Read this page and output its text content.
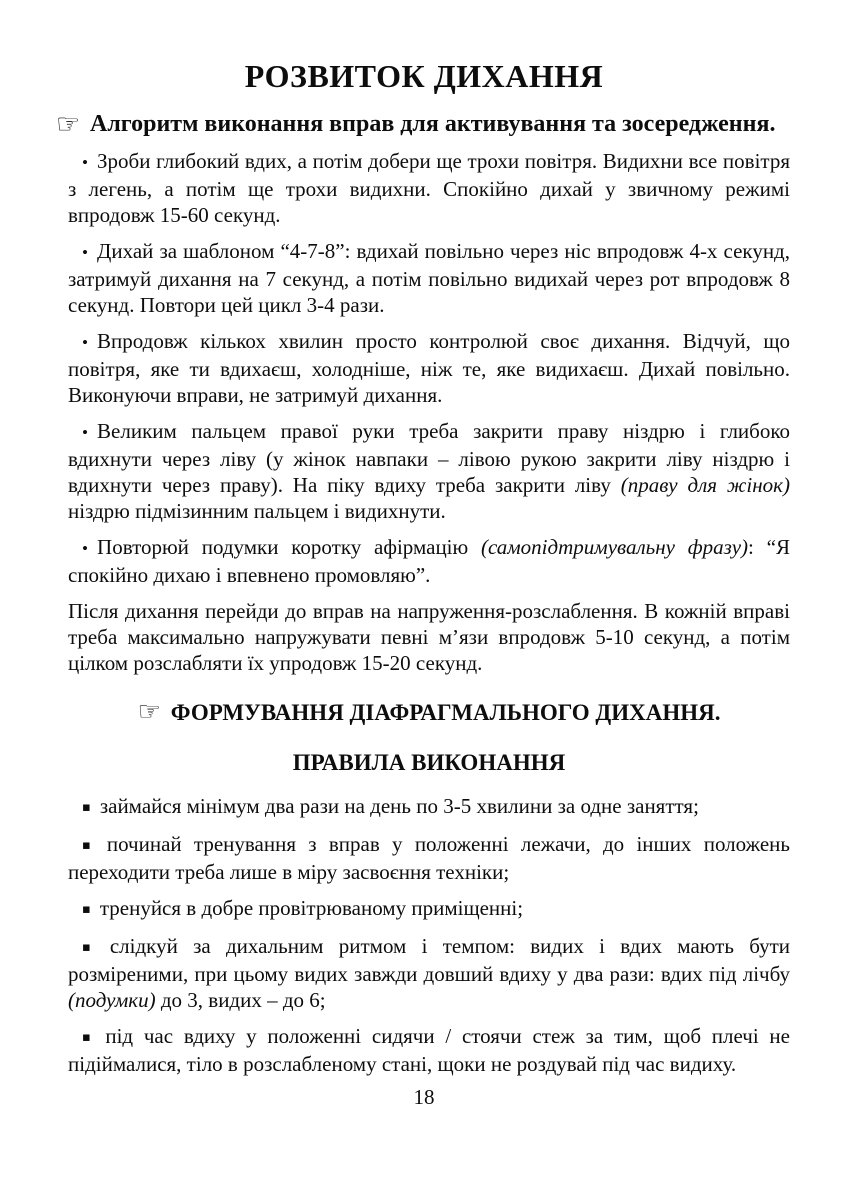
РОЗВИТОК ДИХАННЯ
☞ Алгоритм виконання вправ для активування та зосередження.

• Зроби глибокий вдих, а потім добери ще трохи повітря. Видихни все повітря з легень, а потім ще трохи видихни. Спокійно дихай у звичному режимі впродовж 15-60 секунд.

• Дихай за шаблоном “4-7-8”: вдихай повільно через ніс впродовж 4-х секунд, затримуй дихання на 7 секунд, а потім повільно видихай через рот впродовж 8 секунд. Повтори цей цикл 3-4 рази.

• Впродовж кількох хвилин просто контролюй своє дихання. Відчуй, що повітря, яке ти вдихаєш, холодніше, ніж те, яке видихаєш. Дихай повільно. Виконуючи вправи, не затримуй дихання.

• Великим пальцем правої руки треба закрити праву ніздрю і глибоко вдихнути через ліву (у жінок навпаки – лівою рукою закрити ліву ніздрю і вдихнути через праву). На піку вдиху треба закрити ліву (праву для жінок) ніздрю підмізинним пальцем і видихнути.

• Повторюй подумки коротку афірмацію (самопідтримувальну фразу): “Я спокійно дихаю і впевнено промовляю”.

Після дихання перейди до вправ на напруження-розслаблення. В кожній вправі треба максимально напружувати певні м’язи впродовж 5-10 секунд, а потім цілком розслабляти їх упродовж 15-20 секунд.

☞ ФОРМУВАННЯ ДІАФРАГМАЛЬНОГО ДИХАННЯ.
ПРАВИЛА ВИКОНАННЯ

▪ займайся мінімум два рази на день по 3-5 хвилини за одне заняття;

▪ починай тренування з вправ у положенні лежачи, до інших положень переходити треба лише в міру засвоєння техніки;

▪ тренуйся в добре провітрюваному приміщенні;

▪ слідкуй за дихальним ритмом і темпом: видих і вдих мають бути розміреними, при цьому видих завжди довший вдиху у два рази: вдих під лічбу (подумки) до 3, видих – до 6;

▪ під час вдиху у положенні сидячи / стоячи стеж за тим, щоб плечі не підіймалися, тіло в розслабленому стані, щоки не роздувай під час видиху.

18
